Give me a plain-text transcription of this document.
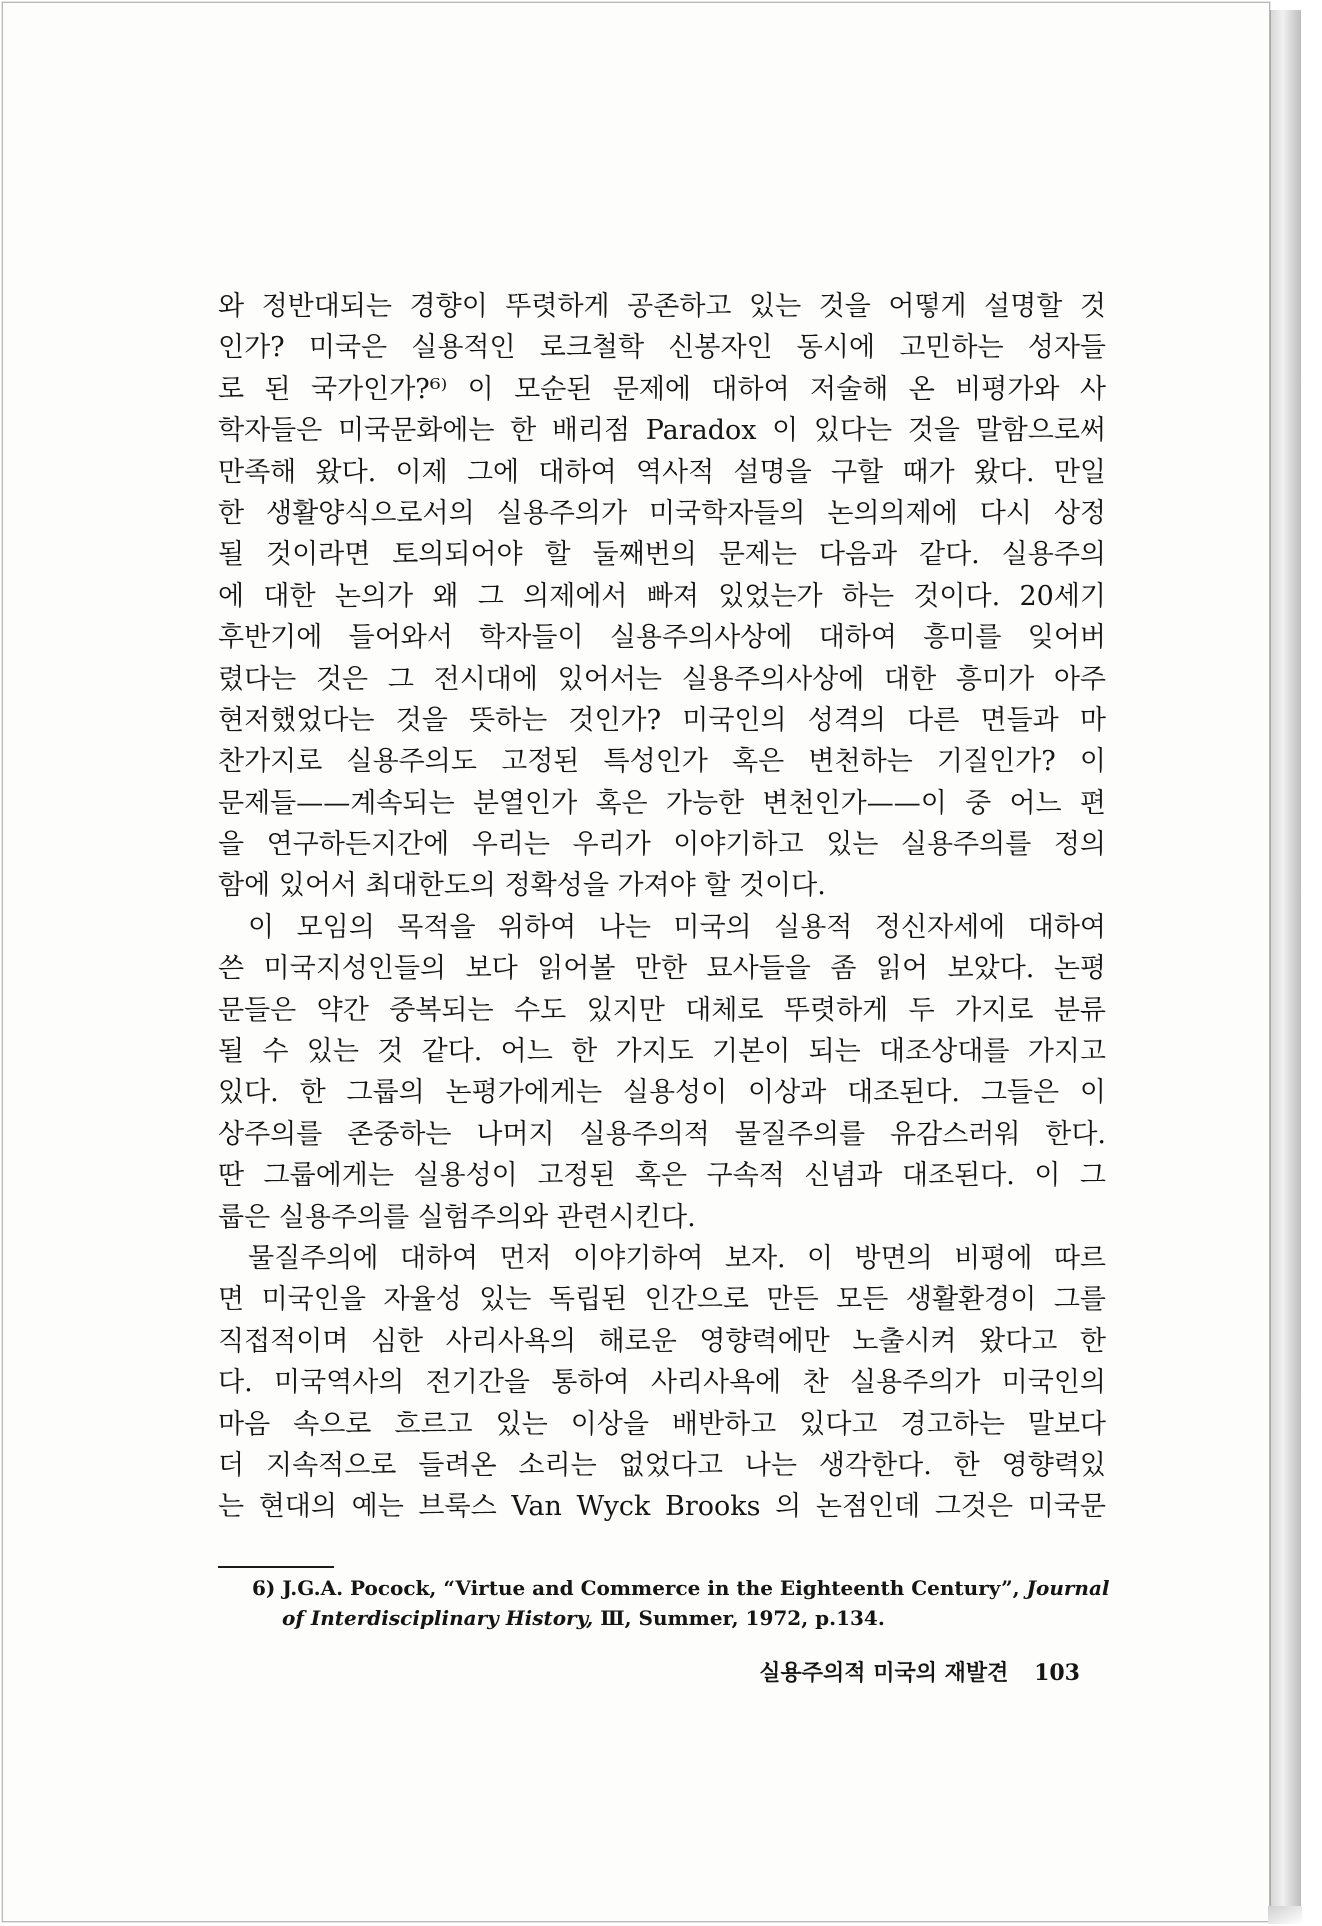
와 정반대되는 경향이 뚜렷하게 공존하고 있는 것을 어떻게 설명할 것
인가? 미국은 실용적인 로크철학 신봉자인 동시에 고민하는 성자들
로 된 국가인가?⁶⁾ 이 모순된 문제에 대하여 저술해 온 비평가와 사
학자들은 미국문화에는 한 배리점 Paradox 이 있다는 것을 말함으로써
만족해 왔다. 이제 그에 대하여 역사적 설명을 구할 때가 왔다. 만일
한 생활양식으로서의 실용주의가 미국학자들의 논의의제에 다시 상정
될 것이라면 토의되어야 할 둘째번의 문제는 다음과 같다. 실용주의
에 대한 논의가 왜 그 의제에서 빠져 있었는가 하는 것이다. 20세기
후반기에 들어와서 학자들이 실용주의사상에 대하여 흥미를 잊어버
렸다는 것은 그 전시대에 있어서는 실용주의사상에 대한 흥미가 아주
현저했었다는 것을 뜻하는 것인가? 미국인의 성격의 다른 면들과 마
찬가지로 실용주의도 고정된 특성인가 혹은 변천하는 기질인가? 이
문제들——계속되는 분열인가 혹은 가능한 변천인가——이 중 어느 편
을 연구하든지간에 우리는 우리가 이야기하고 있는 실용주의를 정의
함에 있어서 최대한도의 정확성을 가져야 할 것이다.
이 모임의 목적을 위하여 나는 미국의 실용적 정신자세에 대하여
쓴 미국지성인들의 보다 읽어볼 만한 묘사들을 좀 읽어 보았다. 논평
문들은 약간 중복되는 수도 있지만 대체로 뚜렷하게 두 가지로 분류
될 수 있는 것 같다. 어느 한 가지도 기본이 되는 대조상대를 가지고
있다. 한 그룹의 논평가에게는 실용성이 이상과 대조된다. 그들은 이
상주의를 존중하는 나머지 실용주의적 물질주의를 유감스러워 한다.
딴 그룹에게는 실용성이 고정된 혹은 구속적 신념과 대조된다. 이 그
룹은 실용주의를 실험주의와 관련시킨다.
물질주의에 대하여 먼저 이야기하여 보자. 이 방면의 비평에 따르
면 미국인을 자율성 있는 독립된 인간으로 만든 모든 생활환경이 그를
직접적이며 심한 사리사욕의 해로운 영향력에만 노출시켜 왔다고 한
다. 미국역사의 전기간을 통하여 사리사욕에 찬 실용주의가 미국인의
마음 속으로 흐르고 있는 이상을 배반하고 있다고 경고하는 말보다
더 지속적으로 들려온 소리는 없었다고 나는 생각한다. 한 영향력있
는 현대의 예는 브룩스 Van Wyck Brooks 의 논점인데 그것은 미국문
6) J.G.A. Pocock, “Virtue and Commerce in the Eighteenth Century”, Journal
of Interdisciplinary History, Ⅲ, Summer, 1972, p.134.
실용주의적 미국의 재발견 103
